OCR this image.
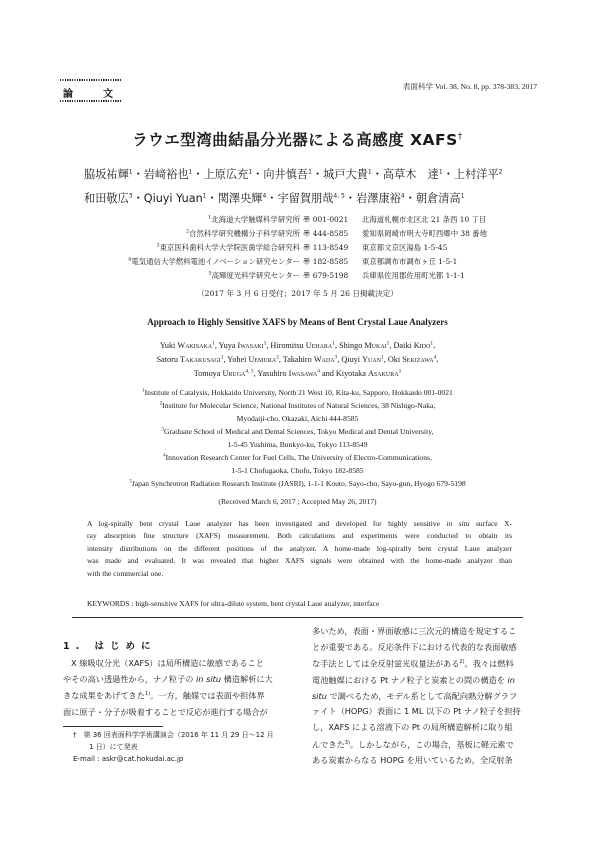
論　文
表面科学 Vol. 38, No. 8, pp. 378-383, 2017
ラウエ型湾曲結晶分光器による高感度 XAFS†
脇坂祐輝$^1$・岩﨑裕也$^1$・上原広充$^1$・向井慎吾$^1$・城戸大貴$^1$・高草木　達$^1$・上村洋平$^2$
和田敬広$^3$・Qiuyi Yuan$^1$・関澤央輝$^4$・宇留賀朋哉$^{4, 5}$・岩澤康裕$^4$・朝倉清高$^1$
$^1$北海道大学触媒科学研究所 〠 001-0021 北海道札幌市北区北 21 条西 10 丁目
$^2$自然科学研究機構分子科学研究所 〠 444-8585 愛知県岡崎市明大寺町西郷中 38 番地
$^3$東京医科歯科大学大学院医歯学総合研究科 〠 113-8549 東京都文京区湯島 1-5-45
$^4$電気通信大学燃料電池イノベーション研究センター 〠 182-8585 東京都調布市調布ヶ丘 1-5-1
$^5$高輝度光科学研究センター 〠 679-5198 兵庫県佐用郡佐用町光都 1-1-1
（2017 年 3 月 6 日受付；2017 年 5 月 26 日掲載決定）
Approach to Highly Sensitive XAFS by Means of Bent Crystal Laue Analyzers
Yuki Wakisaka$^1$, Yuya Iwasaki$^1$, Hiromitsu Uehara$^1$, Shingo Mukai$^1$, Daiki Kido$^1$,
Satoru Takakusagi$^1$, Yohei Uemura$^2$, Takahiro Wada$^3$, Qiuyi Yuan$^1$, Oki Sekizawa$^4$,
Tomoya Uruga$^{4, 5}$, Yasuhiro Iwasawa$^4$ and Kiyotaka Asakura$^1$
$^1$Institute of Catalysis, Hokkaido University, North 21 West 10, Kita-ku, Sapporo, Hokkaido 001-0021
$^2$Institute for Molecular Science, National Institutes of Natural Sciences, 38 Nishigo-Naka,
Myodaiji-cho, Okazaki, Aichi 444-8585
$^3$Graduate School of Medical and Dental Sciences, Tokyo Medical and Dental University,
1-5-45 Yushima, Bunkyo-ku, Tokyo 113-8549
$^4$Innovation Research Center for Fuel Cells, The University of Electro-Communications,
1-5-1 Chofugaoka, Chofu, Tokyo 182-8585
$^5$Japan Synchrotron Radiation Research Institute (JASRI), 1-1-1 Kouto, Sayo-cho, Sayo-gun, Hyogo 679-5198
(Received March 6, 2017 ; Accepted May 26, 2017)
A log-spirally bent crystal Laue analyzer has been investigated and developed for highly sensitive in situ surface X-
ray absorption fine structure (XAFS) measurement. Both calculations and experiments were conducted to obtain its
intensity distributions on the different positions of the analyzer. A home-made log-spirally bent crystal Laue analyzer
was made and evaluated. It was revealed that higher XAFS signals were obtained with the home-made analyzer than
with the commercial one.
KEYWORDS : high-sensitive XAFS for ultra-dilute system, bent crystal Laue analyzer, interface
1. はじめに
X 線吸収分光（XAFS）は局所構造に敏感であること
やその高い透過性から，ナノ粒子の in situ 構造解析に大
きな成果をあげてきた$^{1)}$。一方，触媒では表面や担体界
面に原子・分子が吸着することで反応が進行する場合が
†　 第 36 回表面科学学術講演会（2016 年 11 月 29 日～12 月
1 日）にて発表
E-mail : askr@cat.hokudai.ac.jp
多いため，表面・界面敏感に三次元的構造を規定するこ
とが重要である。反応条件下における代表的な表面敏感
な手法としては全反射蛍光収量法がある$^{2)}$。我々は燃料
電池触媒における Pt ナノ粒子と炭素との間の構造を in
situ で調べるため，モデル系として高配向熱分解グラフ
ァイト（HOPG）表面に 1 ML 以下の Pt ナノ粒子を担持
し，XAFS による溶液下の Pt の局所構造解析に取り組
んできた$^{3)}$。しかしながら，この場合，基板に軽元素で
ある炭素からなる HOPG を用いているため，全反射条
